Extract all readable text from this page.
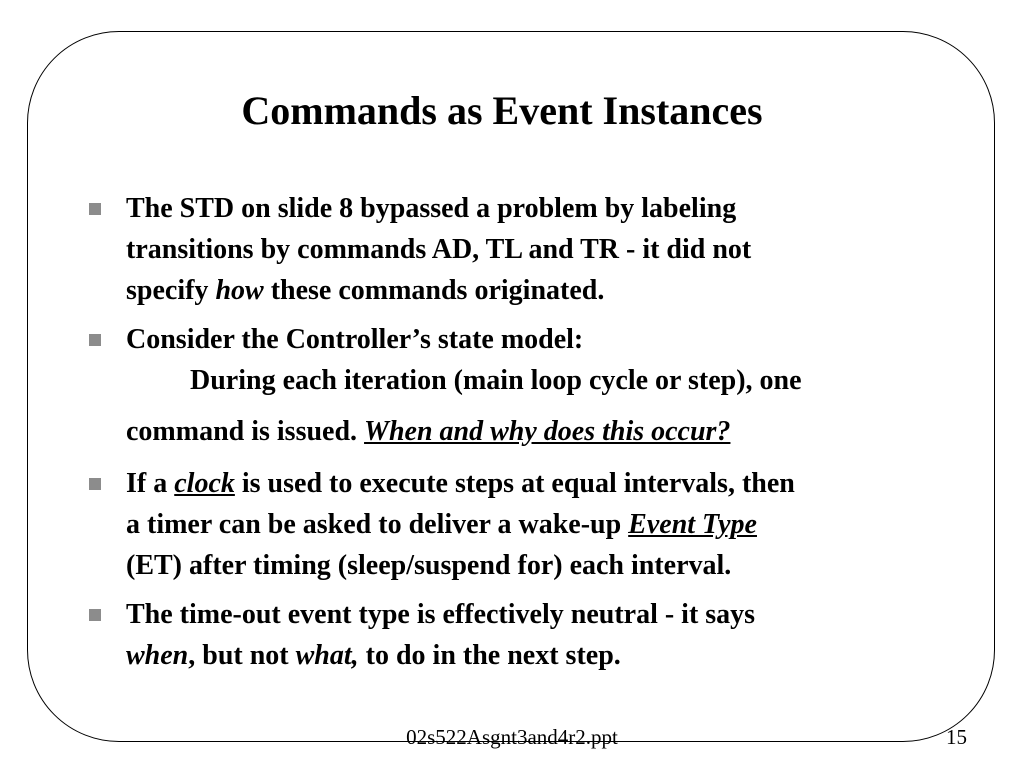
Commands as Event Instances
The STD on slide 8 bypassed a problem by labeling
transitions by commands AD, TL and TR - it did not
specify how these commands originated.
Consider the Controller’s state model:
During each iteration (main loop cycle or step), one
command is issued. When and why does this occur?
If a clock is used to execute steps at equal intervals, then
a timer can be asked to deliver a wake-up Event Type
(ET) after timing (sleep/suspend for) each interval.
The time-out event type is effectively neutral - it says
when, but not what, to do in the next step.
02s522Asgnt3and4r2.ppt	15
